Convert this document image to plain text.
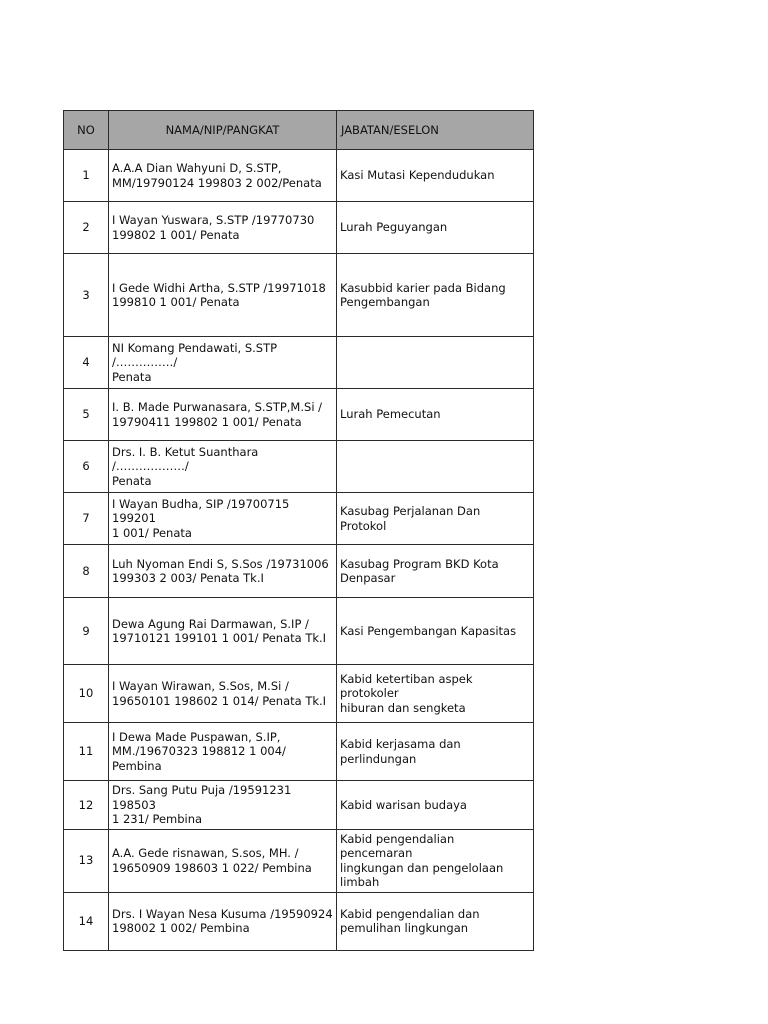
NO	NAMA/NIP/PANGKAT	JABATAN/ESELON
1	A.A.A Dian Wahyuni D, S.STP,
MM/19790124 199803 2 002/Penata	Kasi Mutasi Kependudukan
2	I Wayan Yuswara, S.STP /19770730
199802 1 001/ Penata	Lurah Peguyangan
3	I Gede Widhi Artha, S.STP /19971018
199810 1 001/ Penata	Kasubbid karier pada Bidang
Pengembangan
4	NI Komang Pendawati, S.STP /……………/
Penata	
5	I. B. Made Purwanasara, S.STP,M.Si /
19790411 199802 1 001/ Penata	Lurah Pemecutan
6	Drs. I. B. Ketut Suanthara /………………/
Penata	
7	I Wayan Budha, SIP /19700715 199201
1 001/ Penata	Kasubag Perjalanan Dan Protokol
8	Luh Nyoman Endi S, S.Sos /19731006
199303 2 003/ Penata Tk.I	Kasubag Program BKD Kota
Denpasar
9	Dewa Agung Rai Darmawan, S.IP /
19710121 199101 1 001/ Penata Tk.I	Kasi Pengembangan Kapasitas
10	I Wayan Wirawan, S.Sos, M.Si /
19650101 198602 1 014/ Penata Tk.I	Kabid ketertiban aspek protokoler
hiburan dan sengketa
11	I Dewa Made Puspawan, S.IP,
MM./19670323 198812 1 004/
Pembina	Kabid kerjasama dan
perlindungan
12	Drs. Sang Putu Puja /19591231 198503
1 231/ Pembina	Kabid warisan budaya
13	A.A. Gede risnawan, S.sos, MH. /
19650909 198603 1 022/ Pembina	Kabid pengendalian pencemaran
lingkungan dan pengelolaan
limbah
14	Drs. I Wayan Nesa Kusuma /19590924
198002 1 002/ Pembina	Kabid pengendalian dan
pemulihan lingkungan
